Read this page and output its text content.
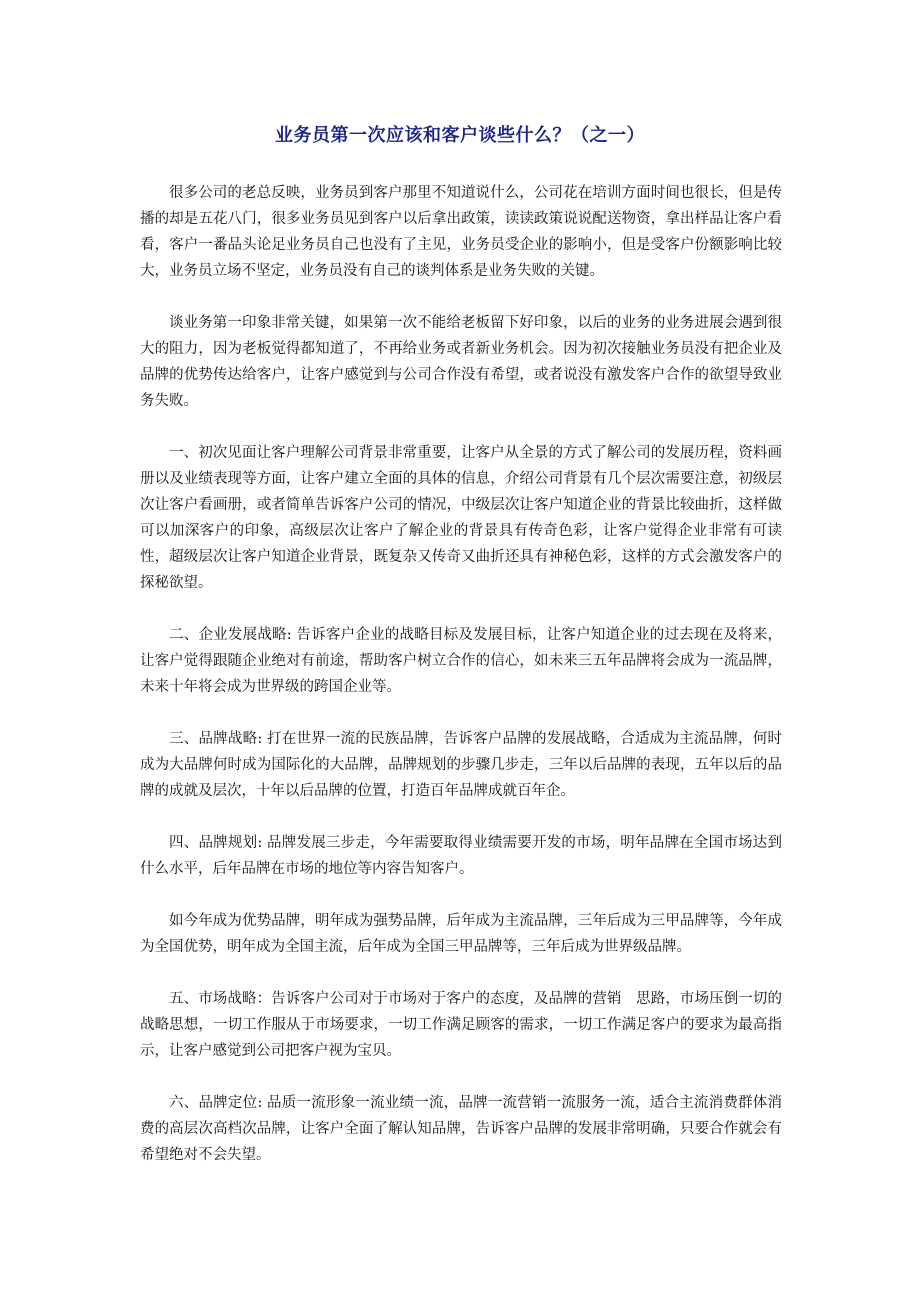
业务员第一次应该和客户谈些什么？（之一）

很多公司的老总反映，业务员到客户那里不知道说什么，公司花在培训方面时间也很长，但是传播的却是五花八门，很多业务员见到客户以后拿出政策，读读政策说说配送物资，拿出样品让客户看看，客户一番品头论足业务员自己也没有了主见，业务员受企业的影响小，但是受客户份额影响比较大，业务员立场不坚定，业务员没有自己的谈判体系是业务失败的关键。

谈业务第一印象非常关键，如果第一次不能给老板留下好印象，以后的业务的业务进展会遇到很大的阻力，因为老板觉得都知道了，不再给业务或者新业务机会。因为初次接触业务员没有把企业及品牌的优势传达给客户，让客户感觉到与公司合作没有希望，或者说没有激发客户合作的欲望导致业务失败。

一、初次见面让客户理解公司背景非常重要，让客户从全景的方式了解公司的发展历程，资料画册以及业绩表现等方面，让客户建立全面的具体的信息，介绍公司背景有几个层次需要注意，初级层次让客户看画册，或者简单告诉客户公司的情况，中级层次让客户知道企业的背景比较曲折，这样做可以加深客户的印象，高级层次让客户了解企业的背景具有传奇色彩，让客户觉得企业非常有可读性，超级层次让客户知道企业背景，既复杂又传奇又曲折还具有神秘色彩，这样的方式会激发客户的探秘欲望。

二、企业发展战略: 告诉客户企业的战略目标及发展目标，让客户知道企业的过去现在及将来，让客户觉得跟随企业绝对有前途，帮助客户树立合作的信心，如未来三五年品牌将会成为一流品牌，未来十年将会成为世界级的跨国企业等。

三、品牌战略: 打在世界一流的民族品牌，告诉客户品牌的发展战略，合适成为主流品牌，何时成为大品牌何时成为国际化的大品牌，品牌规划的步骤几步走，三年以后品牌的表现，五年以后的品牌的成就及层次，十年以后品牌的位置，打造百年品牌成就百年企。

四、品牌规划: 品牌发展三步走，今年需要取得业绩需要开发的市场，明年品牌在全国市场达到什么水平，后年品牌在市场的地位等内容告知客户。

如今年成为优势品牌，明年成为强势品牌，后年成为主流品牌，三年后成为三甲品牌等，今年成为全国优势，明年成为全国主流，后年成为全国三甲品牌等，三年后成为世界级品牌。

五、市场战略：告诉客户公司对于市场对于客户的态度，及品牌的营销　思路，市场压倒一切的战略思想，一切工作服从于市场要求，一切工作满足顾客的需求，一切工作满足客户的要求为最高指示，让客户感觉到公司把客户视为宝贝。

六、品牌定位: 品质一流形象一流业绩一流，品牌一流营销一流服务一流，适合主流消费群体消费的高层次高档次品牌，让客户全面了解认知品牌，告诉客户品牌的发展非常明确，只要合作就会有希望绝对不会失望。
